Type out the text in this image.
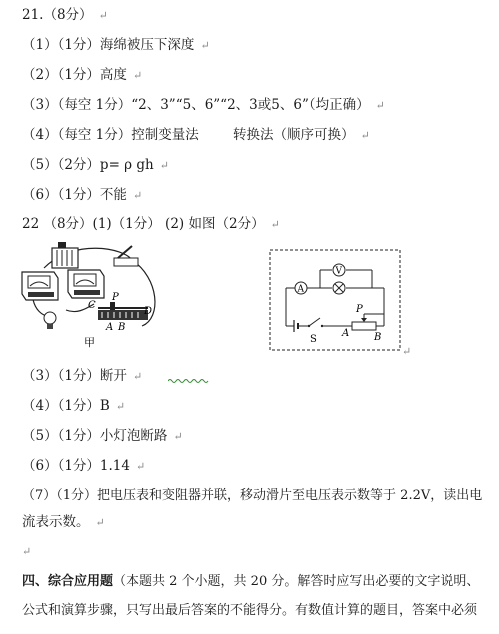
21.（8分） ↵
（1）（1分）海绵被压下深度 ↵
（2）（1分）高度 ↵
（3）（每空 1分）“2、3”“5、6”“2、3或5、6”（均正确） ↵
（4）（每空 1分）控制变量法        转换法（顺序可换） ↵
（5）（2分）p= ρ gh ↵
（6）（1分）不能 ↵
22 （8分）(1)（1分） (2) 如图（2分） ↵
C
P
D
A B
甲
A
V
P
S
A B
↵
（3）（1分）断开 ↵
（4）（1分）B ↵
（5）（1分）小灯泡断路 ↵
（6）（1分）1.14 ↵
（7）（1分）把电压表和变阻器并联，移动滑片至电压表示数等于 2.2V，读出电
流表示数。 ↵
↵
四、综合应用题（本题共 2 个小题，共 20 分。解答时应写出必要的文字说明、
公式和演算步骤，只写出最后答案的不能得分。有数值计算的题目，答案中必须
